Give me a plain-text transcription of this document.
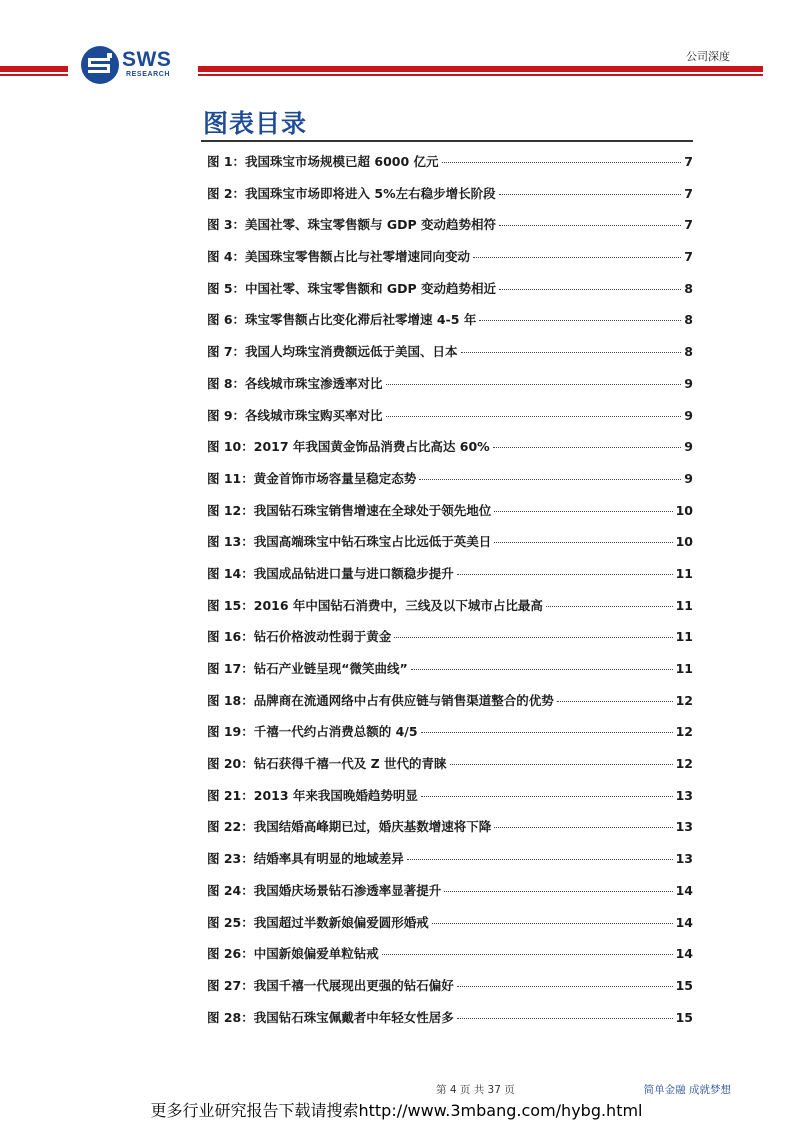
SWS
RESEARCH
公司深度
图表目录
图 1：我国珠宝市场规模已超 6000 亿元	7
图 2：我国珠宝市场即将进入 5%左右稳步增长阶段	7
图 3：美国社零、珠宝零售额与 GDP 变动趋势相符	7
图 4：美国珠宝零售额占比与社零增速同向变动	7
图 5：中国社零、珠宝零售额和 GDP 变动趋势相近	8
图 6：珠宝零售额占比变化滞后社零增速 4-5 年	8
图 7：我国人均珠宝消费额远低于美国、日本	8
图 8：各线城市珠宝渗透率对比	9
图 9：各线城市珠宝购买率对比	9
图 10：2017 年我国黄金饰品消费占比高达 60%	9
图 11：黄金首饰市场容量呈稳定态势	9
图 12：我国钻石珠宝销售增速在全球处于领先地位	10
图 13：我国高端珠宝中钻石珠宝占比远低于英美日	10
图 14：我国成品钻进口量与进口额稳步提升	11
图 15：2016 年中国钻石消费中，三线及以下城市占比最高	11
图 16：钻石价格波动性弱于黄金	11
图 17：钻石产业链呈现“微笑曲线”	11
图 18：品牌商在流通网络中占有供应链与销售渠道整合的优势	12
图 19：千禧一代约占消费总额的 4/5	12
图 20：钻石获得千禧一代及 Z 世代的青睐	12
图 21：2013 年来我国晚婚趋势明显	13
图 22：我国结婚高峰期已过，婚庆基数增速将下降	13
图 23：结婚率具有明显的地域差异	13
图 24：我国婚庆场景钻石渗透率显著提升	14
图 25：我国超过半数新娘偏爱圆形婚戒	14
图 26：中国新娘偏爱单粒钻戒	14
图 27：我国千禧一代展现出更强的钻石偏好	15
图 28：我国钻石珠宝佩戴者中年轻女性居多	15
第 4 页 共 37 页	简单金融 成就梦想
更多行业研究报告下载请搜索http://www.3mbang.com/hybg.html
